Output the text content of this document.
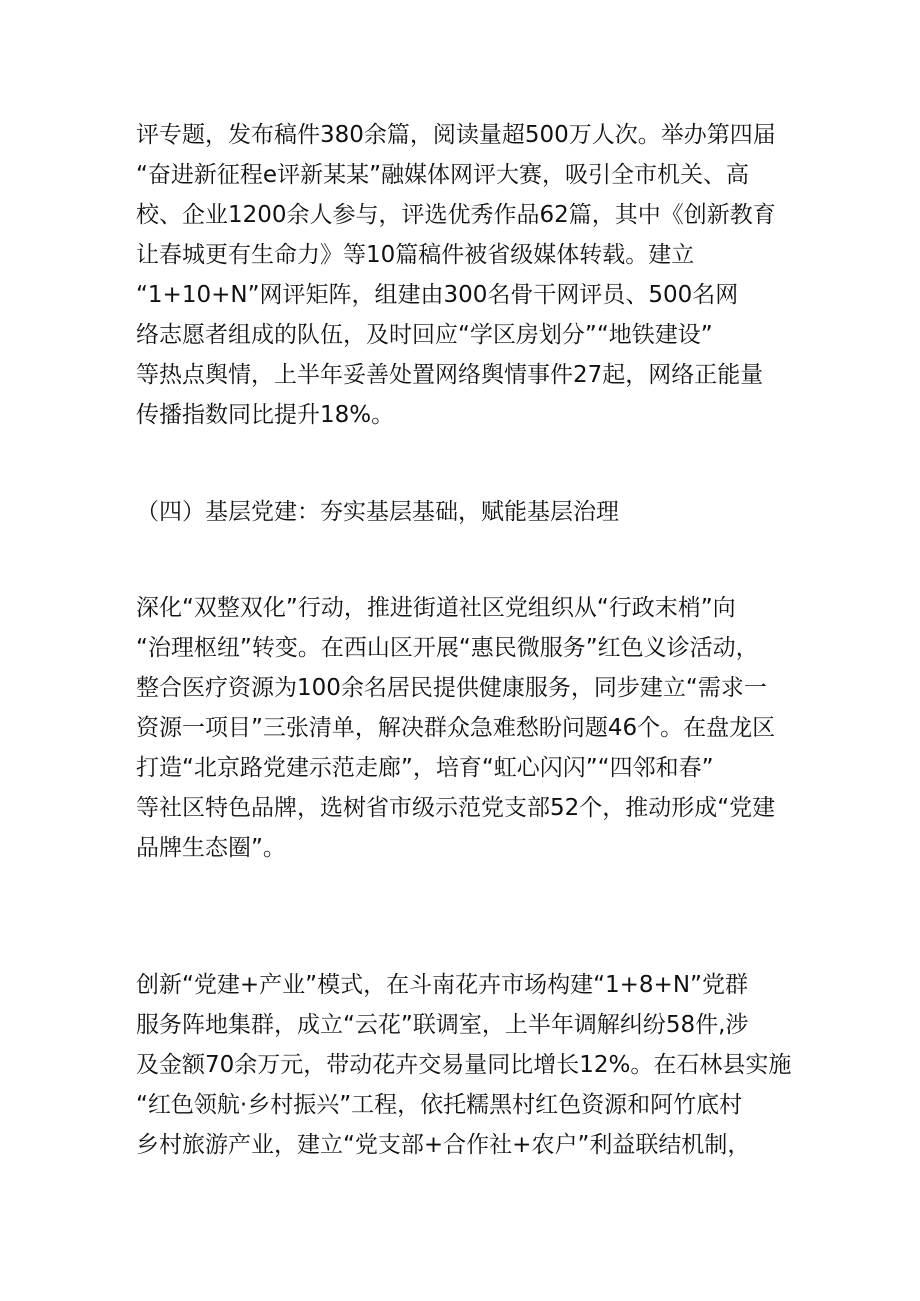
评专题，发布稿件380余篇，阅读量超500万人次。举办第四届
“奋进新征程e评新某某”融媒体网评大赛，吸引全市机关、高
校、企业1200余人参与，评选优秀作品62篇，其中《创新教育
让春城更有生命力》等10篇稿件被省级媒体转载。建立
“1+10+N”网评矩阵，组建由300名骨干网评员、500名网
络志愿者组成的队伍，及时回应“学区房划分”“地铁建设”
等热点舆情，上半年妥善处置网络舆情事件27起，网络正能量
传播指数同比提升18%。
（四）基层党建：夯实基层基础，赋能基层治理
深化“双整双化”行动，推进街道社区党组织从“行政末梢”向
“治理枢纽”转变。在西山区开展“惠民微服务”红色义诊活动，
整合医疗资源为100余名居民提供健康服务，同步建立“需求一
资源一项目”三张清单，解决群众急难愁盼问题46个。在盘龙区
打造“北京路党建示范走廊”，培育“虹心闪闪”“四邻和春”
等社区特色品牌，选树省市级示范党支部52个，推动形成“党建
品牌生态圈”。
创新“党建+产业”模式，在斗南花卉市场构建“1+8+N”党群
服务阵地集群，成立“云花”联调室，上半年调解纠纷58件,涉
及金额70余万元，带动花卉交易量同比增长12%。在石林县实施
“红色领航·乡村振兴”工程，依托糯黑村红色资源和阿竹底村
乡村旅游产业，建立“党支部+合作社+农户”利益联结机制，
